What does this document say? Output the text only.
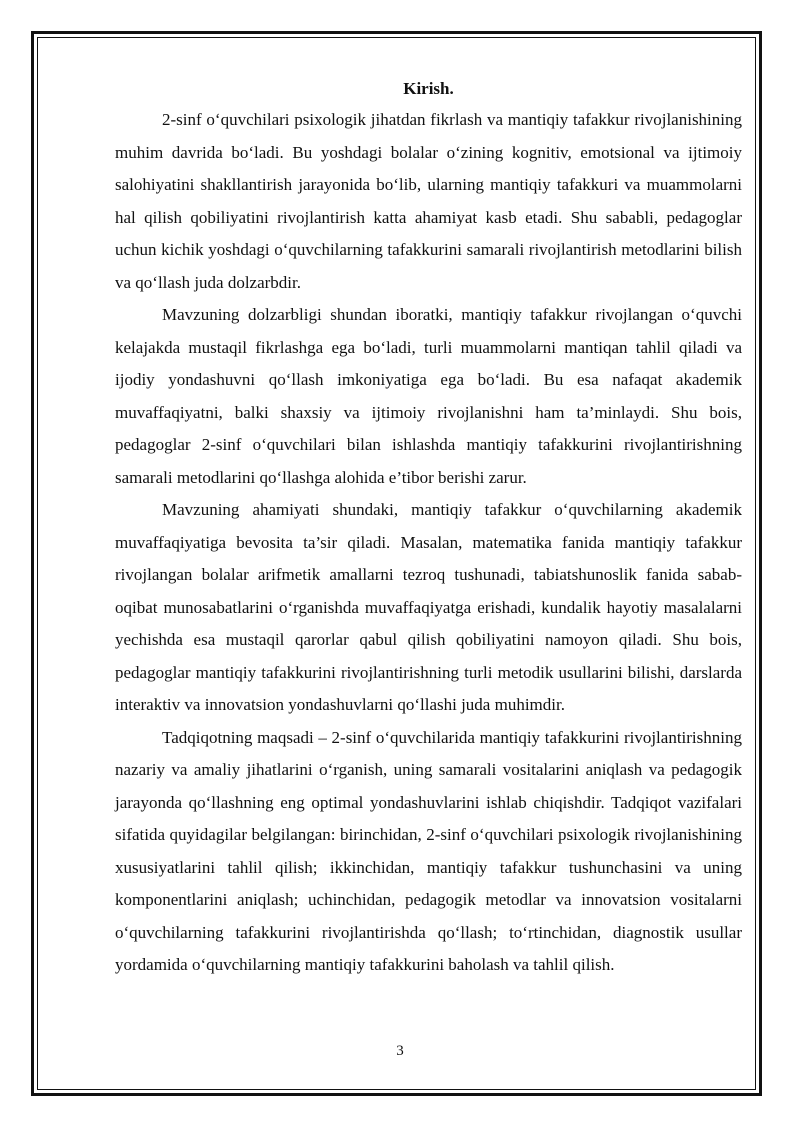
Kirish.

2-sinf o‘quvchilari psixologik jihatdan fikrlash va mantiqiy tafakkur rivojlanishining muhim davrida bo‘ladi. Bu yoshdagi bolalar o‘zining kognitiv, emotsional va ijtimoiy salohiyatini shakllantirish jarayonida bo‘lib, ularning mantiqiy tafakkuri va muammolarni hal qilish qobiliyatini rivojlantirish katta ahamiyat kasb etadi. Shu sababli, pedagoglar uchun kichik yoshdagi o‘quvchilarning tafakkurini samarali rivojlantirish metodlarini bilish va qo‘llash juda dolzarbdir.

Mavzuning dolzarbligi shundan iboratki, mantiqiy tafakkur rivojlangan o‘quvchi kelajakda mustaqil fikrlashga ega bo‘ladi, turli muammolarni mantiqan tahlil qiladi va ijodiy yondashuvni qo‘llash imkoniyatiga ega bo‘ladi. Bu esa nafaqat akademik muvaffaqiyatni, balki shaxsiy va ijtimoiy rivojlanishni ham ta’minlaydi. Shu bois, pedagoglar 2-sinf o‘quvchilari bilan ishlashda mantiqiy tafakkurini rivojlantirishning samarali metodlarini qo‘llashga alohida e’tibor berishi zarur.

Mavzuning ahamiyati shundaki, mantiqiy tafakkur o‘quvchilarning akademik muvaffaqiyatiga bevosita ta’sir qiladi. Masalan, matematika fanida mantiqiy tafakkur rivojlangan bolalar arifmetik amallarni tezroq tushunadi, tabiatshunoslik fanida sabab-oqibat munosabatlarini o‘rganishda muvaffaqiyatga erishadi, kundalik hayotiy masalalarni yechishda esa mustaqil qarorlar qabul qilish qobiliyatini namoyon qiladi. Shu bois, pedagoglar mantiqiy tafakkurini rivojlantirishning turli metodik usullarini bilishi, darslarda interaktiv va innovatsion yondashuvlarni qo‘llashi juda muhimdir.

Tadqiqotning maqsadi – 2-sinf o‘quvchilarida mantiqiy tafakkurini rivojlantirishning nazariy va amaliy jihatlarini o‘rganish, uning samarali vositalarini aniqlash va pedagogik jarayonda qo‘llashning eng optimal yondashuvlarini ishlab chiqishdir. Tadqiqot vazifalari sifatida quyidagilar belgilangan: birinchidan, 2-sinf o‘quvchilari psixologik rivojlanishining xususiyatlarini tahlil qilish; ikkinchidan, mantiqiy tafakkur tushunchasini va uning komponentlarini aniqlash; uchinchidan, pedagogik metodlar va innovatsion vositalarni o‘quvchilarning tafakkurini rivojlantirishda qo‘llash; to‘rtinchidan, diagnostik usullar yordamida o‘quvchilarning mantiqiy tafakkurini baholash va tahlil qilish.

3
